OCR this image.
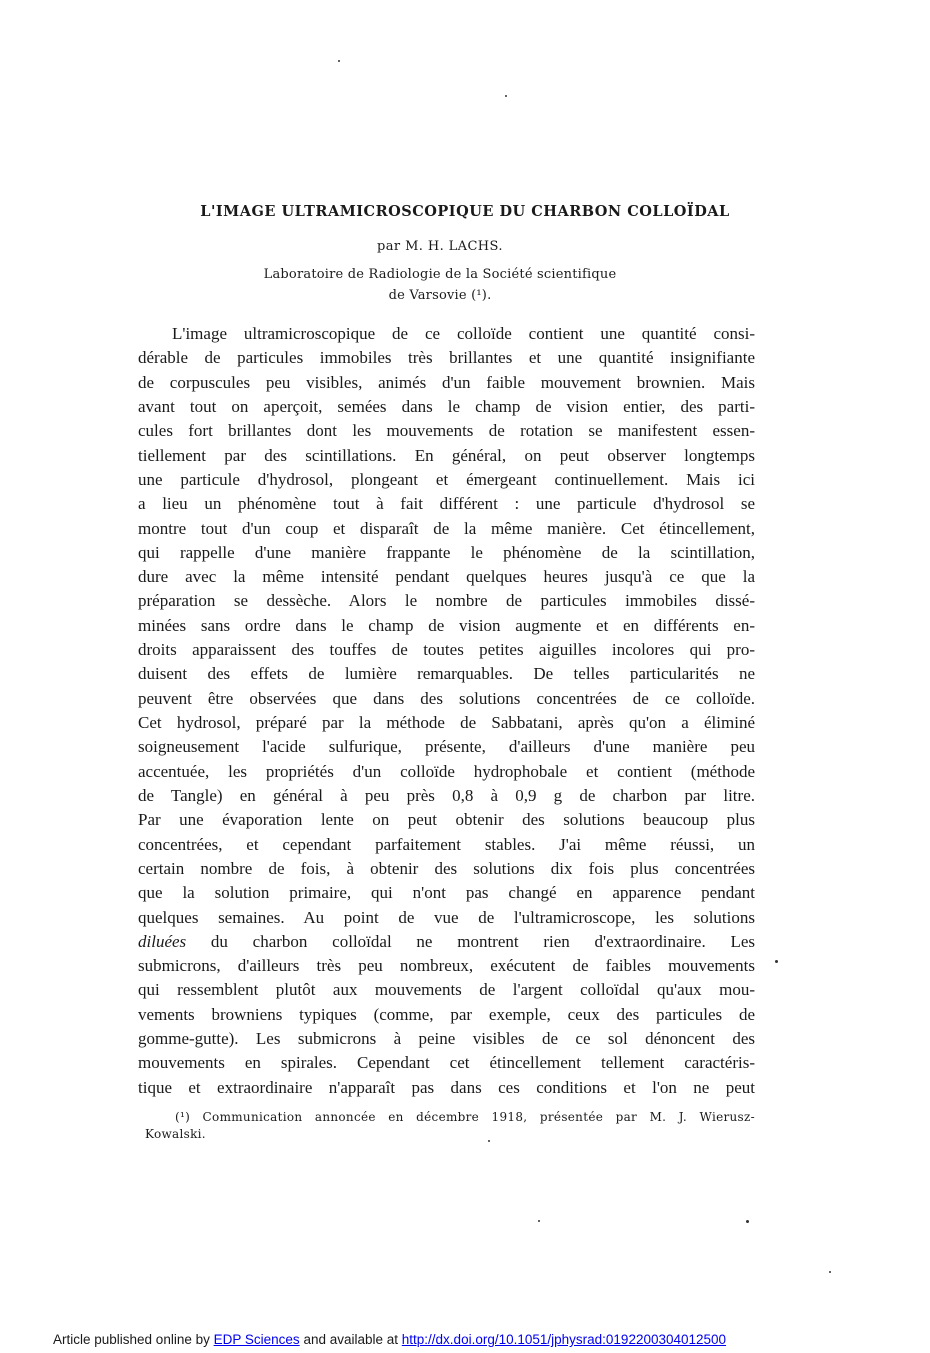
L'IMAGE ULTRAMICROSCOPIQUE DU CHARBON COLLOÏDAL
par M. H. LACHS.
Laboratoire de Radiologie de la Société scientifique
de Varsovie (¹).
L'image ultramicroscopique de ce colloïde contient une quantité consi-
dérable de particules immobiles très brillantes et une quantité insignifiante
de corpuscules peu visibles, animés d'un faible mouvement brownien. Mais
avant tout on aperçoit, semées dans le champ de vision entier, des parti-
cules fort brillantes dont les mouvements de rotation se manifestent essen-
tiellement par des scintillations. En général, on peut observer longtemps
une particule d'hydrosol, plongeant et émergeant continuellement. Mais ici
a lieu un phénomène tout à fait différent : une particule d'hydrosol se
montre tout d'un coup et disparaît de la même manière. Cet étincellement,
qui rappelle d'une manière frappante le phénomène de la scintillation,
dure avec la même intensité pendant quelques heures jusqu'à ce que la
préparation se dessèche. Alors le nombre de particules immobiles dissé-
minées sans ordre dans le champ de vision augmente et en différents en-
droits apparaissent des touffes de toutes petites aiguilles incolores qui pro-
duisent des effets de lumière remarquables. De telles particularités ne
peuvent être observées que dans des solutions concentrées de ce colloïde.
Cet hydrosol, préparé par la méthode de Sabbatani, après qu'on a éliminé
soigneusement l'acide sulfurique, présente, d'ailleurs d'une manière peu
accentuée, les propriétés d'un colloïde hydrophobale et contient (méthode
de Tangle) en général à peu près 0,8 à 0,9 g de charbon par litre.
Par une évaporation lente on peut obtenir des solutions beaucoup plus
concentrées, et cependant parfaitement stables. J'ai même réussi, un
certain nombre de fois, à obtenir des solutions dix fois plus concentrées
que la solution primaire, qui n'ont pas changé en apparence pendant
quelques semaines. Au point de vue de l'ultramicroscope, les solutions
diluées du charbon colloïdal ne montrent rien d'extraordinaire. Les
submicrons, d'ailleurs très peu nombreux, exécutent de faibles mouvements
qui ressemblent plutôt aux mouvements de l'argent colloïdal qu'aux mou-
vements browniens typiques (comme, par exemple, ceux des particules de
gomme-gutte). Les submicrons à peine visibles de ce sol dénoncent des
mouvements en spirales. Cependant cet étincellement tellement caractéris-
tique et extraordinaire n'apparaît pas dans ces conditions et l'on ne peut
(¹) Communication annoncée en décembre 1918, présentée par M. J. Wierusz-
Kowalski.
Article published online by EDP Sciences and available at http://dx.doi.org/10.1051/jphysrad:0192200304012500
